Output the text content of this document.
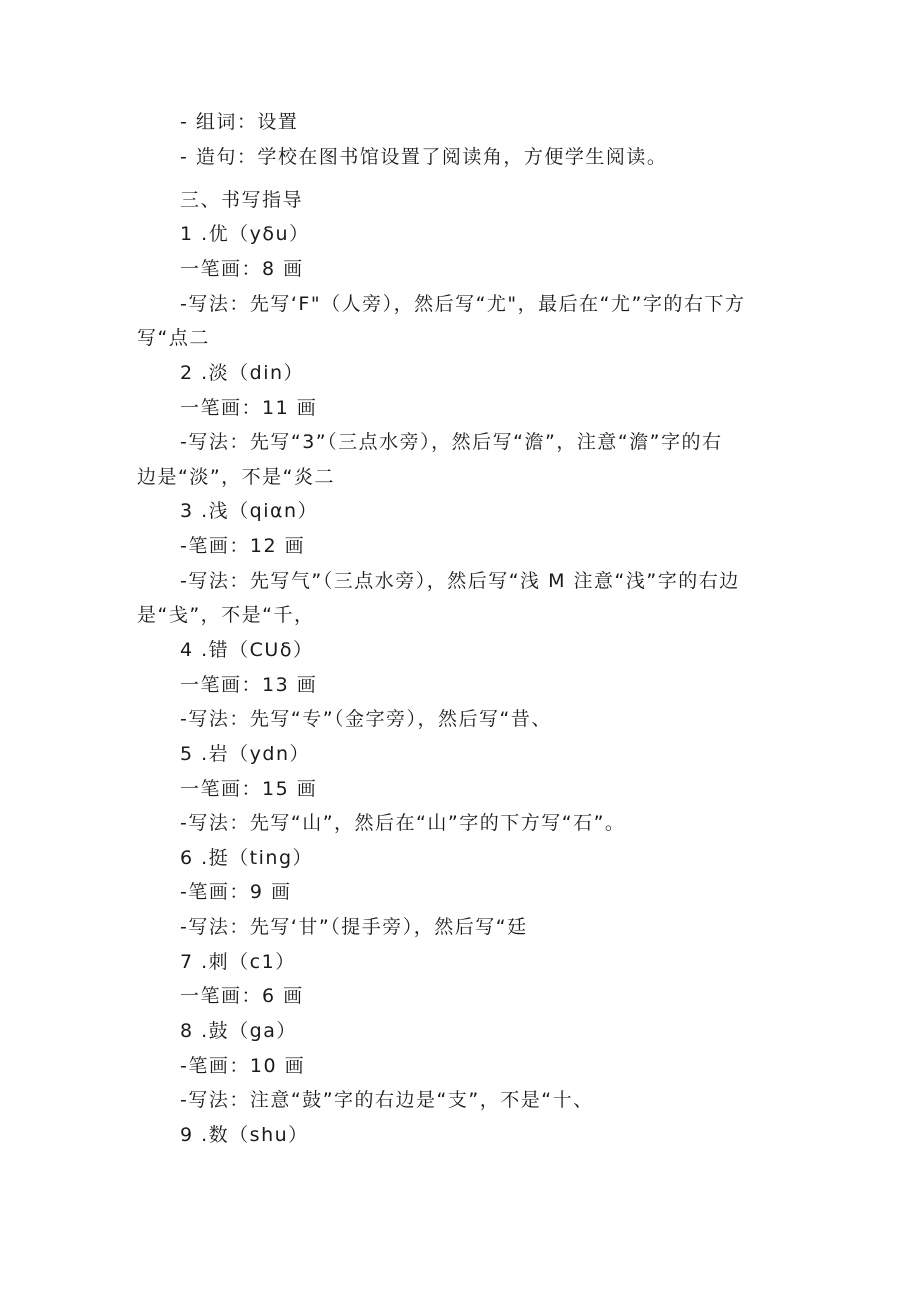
- 组词：设置
- 造句：学校在图书馆设置了阅读角，方便学生阅读。
三、书写指导
1 .优（yδu）
一笔画：8 画
-写法：先写‘F"（人旁），然后写“尤"，最后在“尤”字的右下方
写“点二
2 .淡（din）
一笔画：11 画
-写法：先写“3”（三点水旁），然后写“澹”，注意“澹”字的右
边是“淡”，不是“炎二
3 .浅（qiαn）
-笔画：12 画
-写法：先写气”（三点水旁），然后写“浅 M 注意“浅”字的右边
是“戋”，不是“千，
4 .错（CUδ）
一笔画：13 画
-写法：先写“专”（金字旁），然后写“昔、
5 .岩（ydn）
一笔画：15 画
-写法：先写“山”，然后在“山”字的下方写“石”。
6 .挺（ting）
-笔画：9 画
-写法：先写‘甘”（提手旁），然后写“廷
7 .刺（c1）
一笔画：6 画
8 .鼓（ga）
-笔画：10 画
-写法：注意“鼓”字的右边是“支”，不是“十、
9 .数（shu）
